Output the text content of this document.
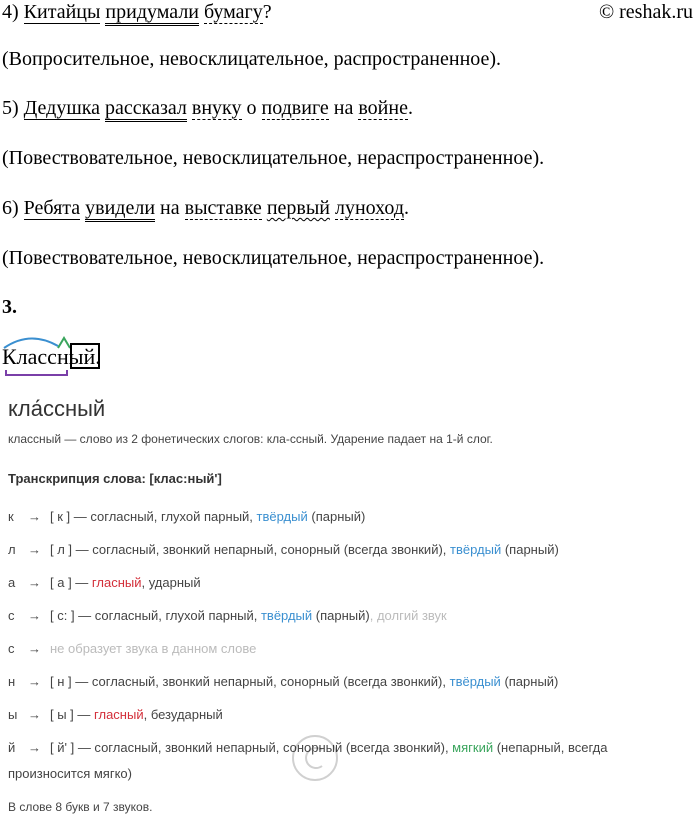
© reshak.ru

4) Китайцы придумали бумагу?

(Вопросительное, невосклицательное, распространенное).

5) Дедушка рассказал внуку о подвиге на войне.

(Повествовательное, невосклицательное, нераспространенное).

6) Ребята увидели на выставке первый луноход.

(Повествовательное, невосклицательное, нераспространенное).

3.
Классный.
кла́ссный
классный — слово из 2 фонетических слогов: кла-ссный. Ударение падает на 1-й слог.
Транскрипция слова: [клас:ный']
к → [ к ] — согласный, глухой парный, твёрдый (парный)
л → [ л ] — согласный, звонкий непарный, сонорный (всегда звонкий), твёрдый (парный)
а → [ а ] — гласный, ударный
с → [ с: ] — согласный, глухой парный, твёрдый (парный), долгий звук
с → не образует звука в данном слове
н → [ н ] — согласный, звонкий непарный, сонорный (всегда звонкий), твёрдый (парный)
ы → [ ы ] — гласный, безударный
й → [ й' ] — согласный, звонкий непарный, сонорный (всегда звонкий), мягкий (непарный, всегда
произносится мягко)
В слове 8 букв и 7 звуков.
